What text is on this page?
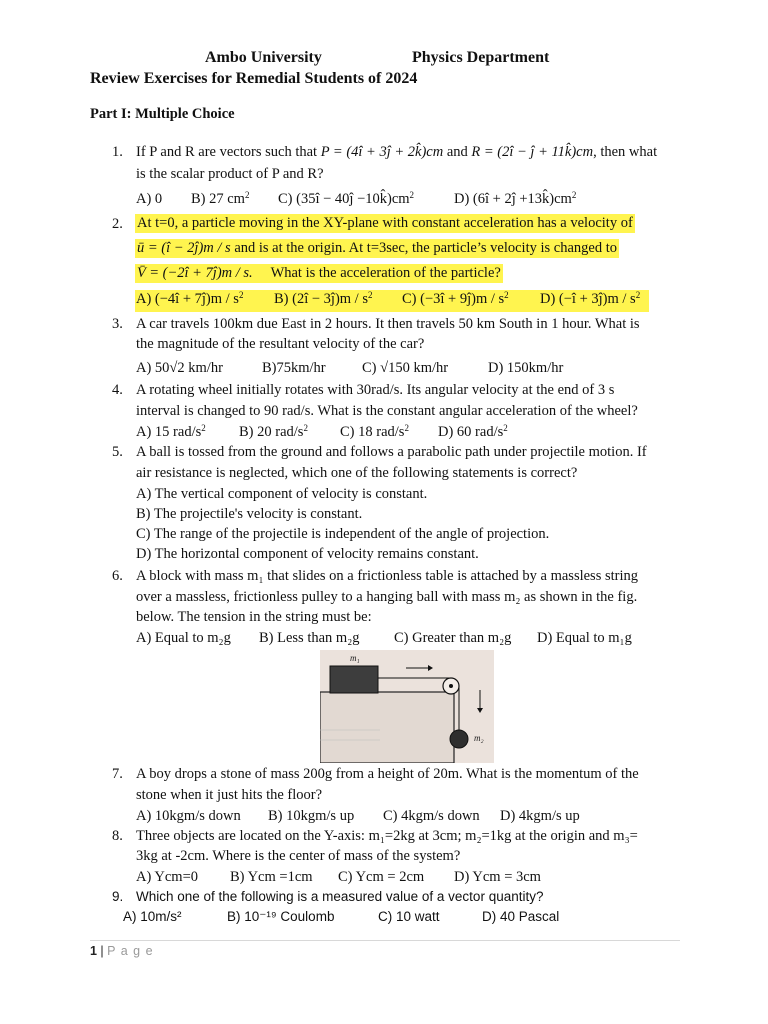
Ambo University	Physics Department
Review Exercises for Remedial Students of 2024
Part I: Multiple Choice
1. If P and R are vectors such that P = (4î + 3ĵ + 2k̂)cm and R = (2î − ĵ + 11k̂)cm, then what
is the scalar product of P and R?
A) 0 B) 27 $cm^2$ C) (35î − 40ĵ $-10k̂)cm^2$	D) (6î + 2ĵ $+13k̂)cm^2$
2. At t=0, a particle moving in the XY-plane with constant acceleration has a velocity of
ū = (î − 2ĵ)m / s and is at the origin. At t=3sec, the particle’s velocity is changed to
V̄ = (−2î + 7ĵ)m / s. What is the acceleration of the particle?
A) (−4î + 7ĵ)m / $s^2$ B) (2î − 3ĵ)m / $s^2$ C) (−3î + 9ĵ)m / $s^2$ D) (−î + 3ĵ)m / $s^2$
3. A car travels 100km due East in 2 hours. It then travels 50 km South in 1 hour. What is
the magnitude of the resultant velocity of the car?
A) 50√2 km/hr	B)75km/hr	C) √150 km/hr	D) 150km/hr
4. A rotating wheel initially rotates with 30rad/s. Its angular velocity at the end of 3 s
interval is changed to 90 rad/s. What is the constant angular acceleration of the wheel?
A) 15 rad/$s^2$ B) 20 rad/$s^2$ C) 18 rad/$s^2$ D) 60 rad/$s^2$
5. A ball is tossed from the ground and follows a parabolic path under projectile motion. If
air resistance is neglected, which one of the following statements is correct?
A) The vertical component of velocity is constant.
B) The projectile's velocity is constant.
C) The range of the projectile is independent of the angle of projection.
D) The horizontal component of velocity remains constant.
6. A block with mass m₁ that slides on a frictionless table is attached by a massless string
over a massless, frictionless pulley to a hanging ball with mass m₂ as shown in the fig.
below. The tension in the string must be:
A) Equal to m₂g B) Less than m₂g C) Greater than m₂g D) Equal to m₁g
m₁
m₂
7. A boy drops a stone of mass 200g from a height of 20m. What is the momentum of the
stone when it just hits the floor?
A) 10kgm/s down B) 10kgm/s up C) 4kgm/s down D) 4kgm/s up
8. Three objects are located on the Y-axis: m₁=2kg at 3cm; m₂=1kg at the origin and m₃=
3kg at -2cm. Where is the center of mass of the system?
A) Ycm=0 B) Ycm =1cm C) Ycm = 2cm D) Ycm = 3cm
9. Which one of the following is a measured value of a vector quantity?
A) 10m/s²	B) 10⁻¹⁹ Coulomb	C) 10 watt	D) 40 Pascal
1 | P a g e
